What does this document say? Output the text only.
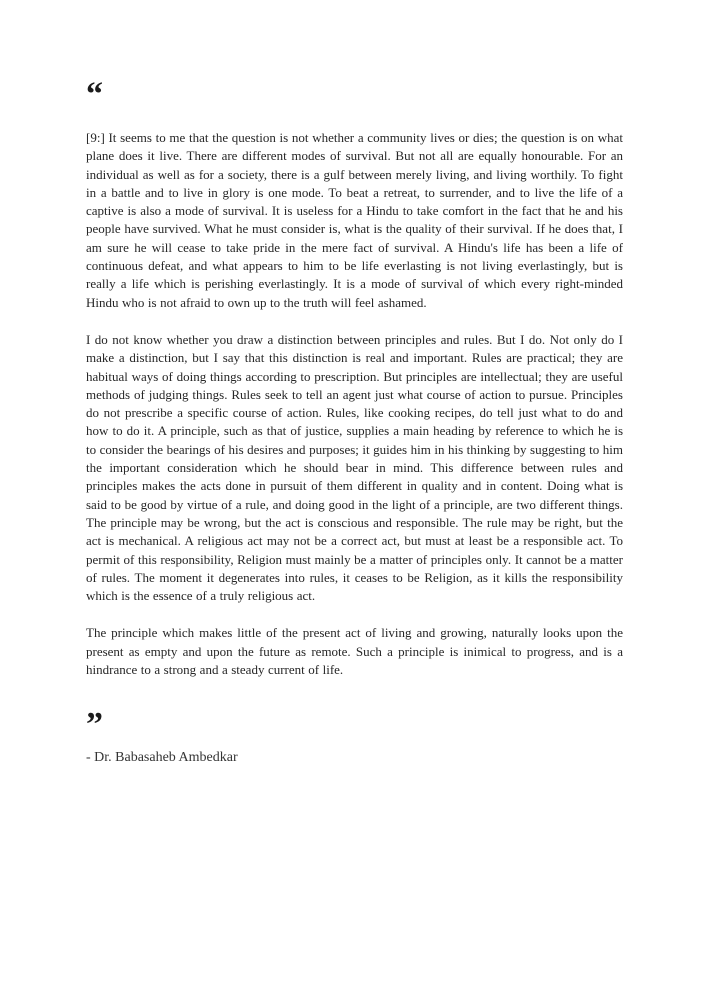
“

[9:] It seems to me that the question is not whether a community lives or dies; the question is on what plane does it live. There are different modes of survival. But not all are equally honourable. For an individual as well as for a society, there is a gulf between merely living, and living worthily. To fight in a battle and to live in glory is one mode. To beat a retreat, to surrender, and to live the life of a captive is also a mode of survival. It is useless for a Hindu to take comfort in the fact that he and his people have survived. What he must consider is, what is the quality of their survival. If he does that, I am sure he will cease to take pride in the mere fact of survival. A Hindu's life has been a life of continuous defeat, and what appears to him to be life everlasting is not living everlastingly, but is really a life which is perishing everlastingly. It is a mode of survival of which every right-minded Hindu who is not afraid to own up to the truth will feel ashamed.

I do not know whether you draw a distinction between principles and rules. But I do. Not only do I make a distinction, but I say that this distinction is real and important. Rules are practical; they are habitual ways of doing things according to prescription. But principles are intellectual; they are useful methods of judging things. Rules seek to tell an agent just what course of action to pursue. Principles do not prescribe a specific course of action. Rules, like cooking recipes, do tell just what to do and how to do it. A principle, such as that of justice, supplies a main heading by reference to which he is to consider the bearings of his desires and purposes; it guides him in his thinking by suggesting to him the important consideration which he should bear in mind. This difference between rules and principles makes the acts done in pursuit of them different in quality and in content. Doing what is said to be good by virtue of a rule, and doing good in the light of a principle, are two different things. The principle may be wrong, but the act is conscious and responsible. The rule may be right, but the act is mechanical. A religious act may not be a correct act, but must at least be a responsible act. To permit of this responsibility, Religion must mainly be a matter of principles only. It cannot be a matter of rules. The moment it degenerates into rules, it ceases to be Religion, as it kills the responsibility which is the essence of a truly religious act.

The principle which makes little of the present act of living and growing, naturally looks upon the present as empty and upon the future as remote. Such a principle is inimical to progress, and is a hindrance to a strong and a steady current of life.

”
- Dr. Babasaheb Ambedkar
